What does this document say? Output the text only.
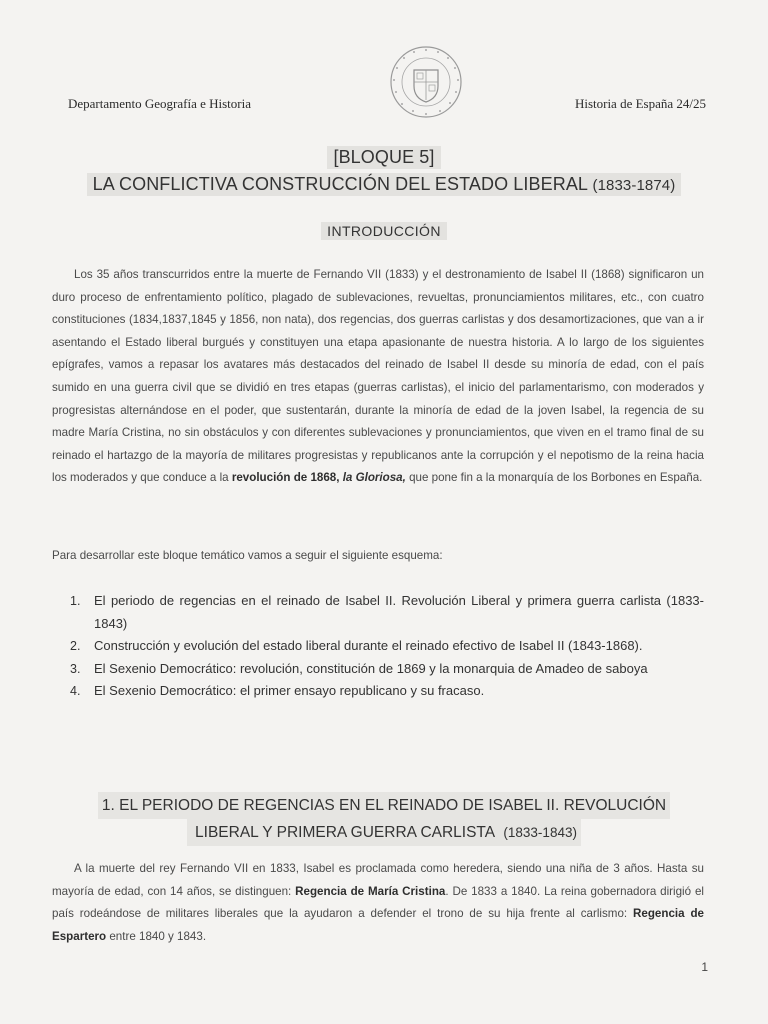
Departamento Geografía e Historia	Historia de España 24/25
[BLOQUE 5]
LA CONFLICTIVA CONSTRUCCIÓN DEL ESTADO LIBERAL (1833-1874)
INTRODUCCIÓN
Los 35 años transcurridos entre la muerte de Fernando VII (1833) y el destronamiento de Isabel II (1868) significaron un duro proceso de enfrentamiento político, plagado de sublevaciones, revueltas, pronunciamientos militares, etc., con cuatro constituciones (1834,1837,1845 y 1856, non nata), dos regencias, dos guerras carlistas y dos desamortizaciones, que van a ir asentando el Estado liberal burgués y constituyen una etapa apasionante de nuestra historia. A lo largo de los siguientes epígrafes, vamos a repasar los avatares más destacados del reinado de Isabel II desde su minoría de edad, con el país sumido en una guerra civil que se dividió en tres etapas (guerras carlistas), el inicio del parlamentarismo, con moderados y progresistas alternándose en el poder, que sustentarán, durante la minoría de edad de la joven Isabel, la regencia de su madre María Cristina, no sin obstáculos y con diferentes sublevaciones y pronunciamientos, que viven en el tramo final de su reinado el hartazgo de la mayoría de militares progresistas y republicanos ante la corrupción y el nepotismo de la reina hacia los moderados y que conduce a la revolución de 1868, la Gloriosa, que pone fin a la monarquía de los Borbones en España.
Para desarrollar este bloque temático vamos a seguir el siguiente esquema:
1. El periodo de regencias en el reinado de Isabel II. Revolución Liberal y primera guerra carlista (1833-1843)
2. Construcción y evolución del estado liberal durante el reinado efectivo de Isabel II (1843-1868).
3. El Sexenio Democrático: revolución, constitución de 1869 y la monarquia de Amadeo de saboya
4. El Sexenio Democrático: el primer ensayo republicano y su fracaso.
1. EL PERIODO DE REGENCIAS EN EL REINADO DE ISABEL II. REVOLUCIÓN
LIBERAL Y PRIMERA GUERRA CARLISTA (1833-1843)
A la muerte del rey Fernando VII en 1833, Isabel es proclamada como heredera, siendo una niña de 3 años. Hasta su mayoría de edad, con 14 años, se distinguen: Regencia de María Cristina. De 1833 a 1840. La reina gobernadora dirigió el país rodeándose de militares liberales que la ayudaron a defender el trono de su hija frente al carlismo: Regencia de Espartero entre 1840 y 1843.
1
